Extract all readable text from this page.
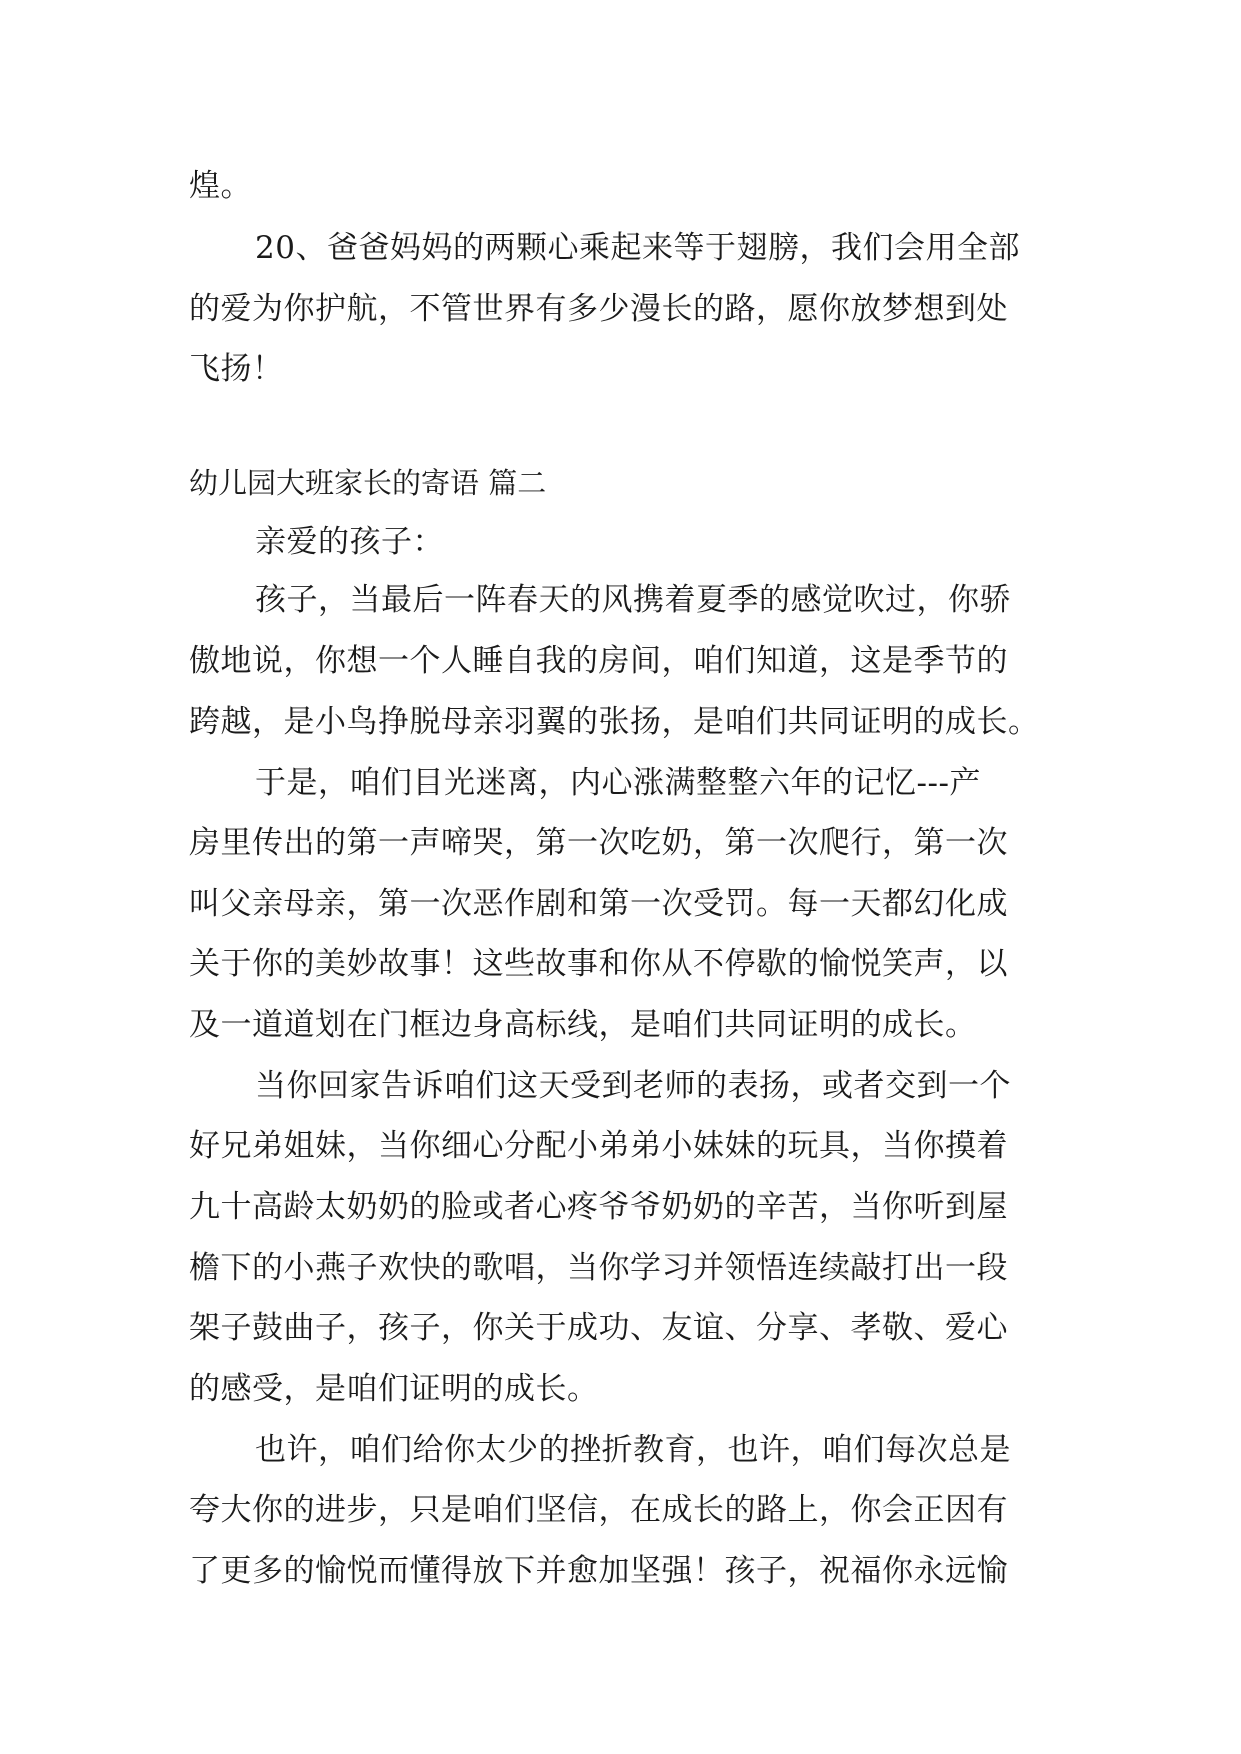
煌。
20、爸爸妈妈的两颗心乘起来等于翅膀，我们会用全部
的爱为你护航，不管世界有多少漫长的路，愿你放梦想到处
飞扬！
幼儿园大班家长的寄语 篇二
亲爱的孩子：
孩子，当最后一阵春天的风携着夏季的感觉吹过，你骄
傲地说，你想一个人睡自我的房间，咱们知道，这是季节的
跨越，是小鸟挣脱母亲羽翼的张扬，是咱们共同证明的成长。
于是，咱们目光迷离，内心涨满整整六年的记忆---产
房里传出的第一声啼哭，第一次吃奶，第一次爬行，第一次
叫父亲母亲，第一次恶作剧和第一次受罚。每一天都幻化成
关于你的美妙故事！这些故事和你从不停歇的愉悦笑声，以
及一道道划在门框边身高标线，是咱们共同证明的成长。
当你回家告诉咱们这天受到老师的表扬，或者交到一个
好兄弟姐妹，当你细心分配小弟弟小妹妹的玩具，当你摸着
九十高龄太奶奶的脸或者心疼爷爷奶奶的辛苦，当你听到屋
檐下的小燕子欢快的歌唱，当你学习并领悟连续敲打出一段
架子鼓曲子，孩子，你关于成功、友谊、分享、孝敬、爱心
的感受，是咱们证明的成长。
也许，咱们给你太少的挫折教育，也许，咱们每次总是
夸大你的进步，只是咱们坚信，在成长的路上，你会正因有
了更多的愉悦而懂得放下并愈加坚强！孩子，祝福你永远愉
